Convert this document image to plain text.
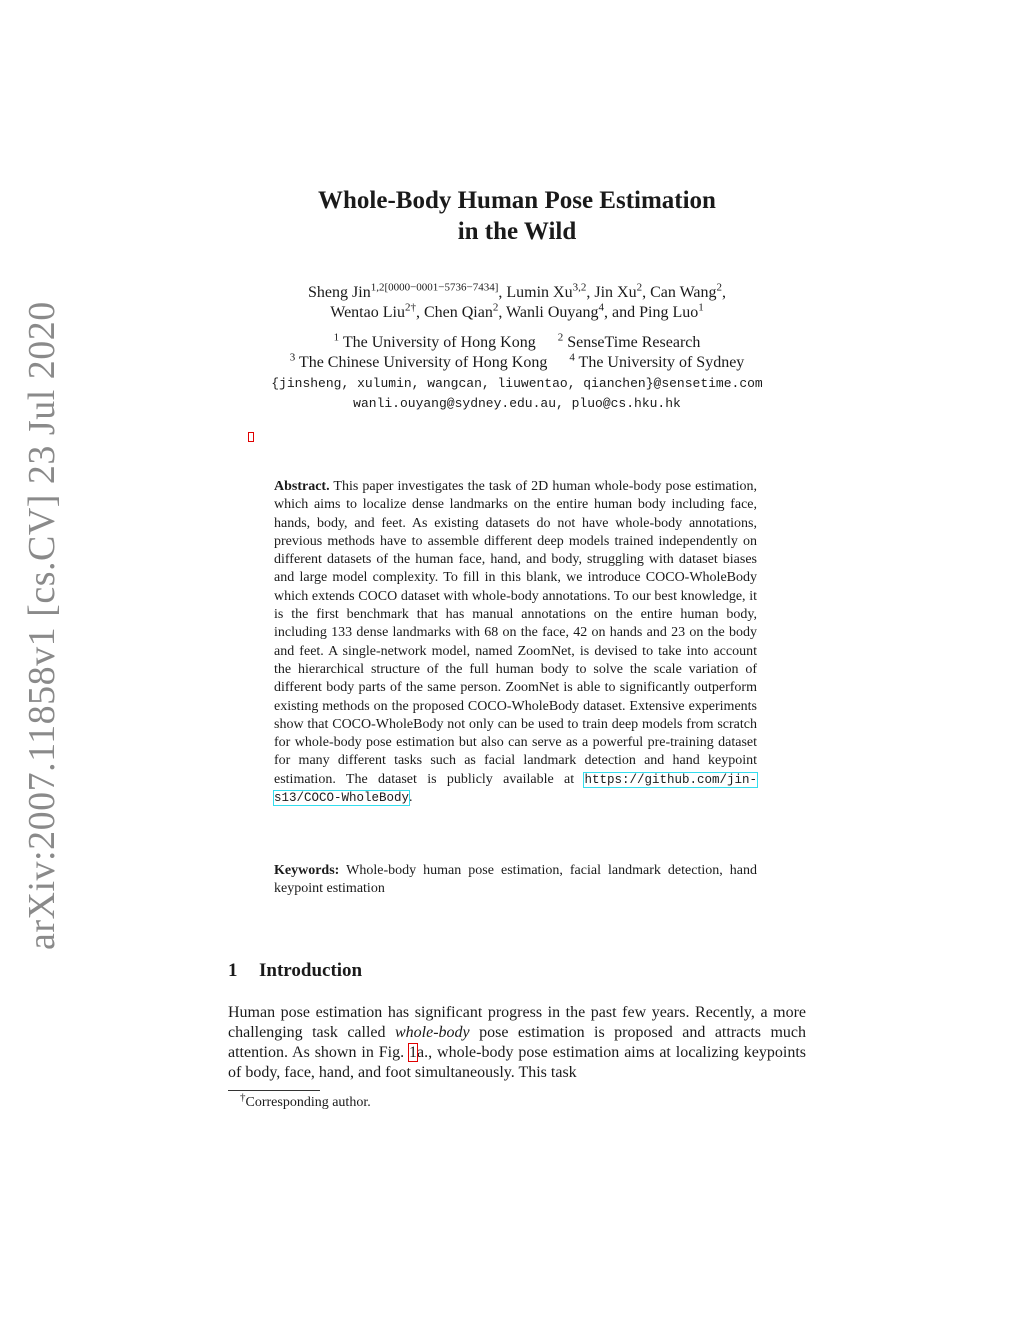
arXiv:2007.11858v1 [cs.CV] 23 Jul 2020
Whole-Body Human Pose Estimation
in the Wild
Sheng Jin$^{1,2[0000-0001-5736-7434]}$, Lumin Xu$^{3,2}$, Jin Xu$^2$, Can Wang$^2$,
Wentao Liu$^{2\dagger}$, Chen Qian$^2$, Wanli Ouyang$^4$, and Ping Luo$^1$
$^1$ The University of Hong Kong $^2$ SenseTime Research
$^3$ The Chinese University of Hong Kong $^4$ The University of Sydney
{jinsheng, xulumin, wangcan, liuwentao, qianchen}@sensetime.com
wanli.ouyang@sydney.edu.au, pluo@cs.hku.hk
Abstract. This paper investigates the task of 2D human whole-body pose estimation, which aims to localize dense landmarks on the entire human body including face, hands, body, and feet. As existing datasets do not have whole-body annotations, previous methods have to assemble different deep models trained independently on different datasets of the human face, hand, and body, struggling with dataset biases and large model complexity. To fill in this blank, we introduce COCO-WholeBody which extends COCO dataset with whole-body annotations. To our best knowledge, it is the first benchmark that has manual annotations on the entire human body, including 133 dense landmarks with 68 on the face, 42 on hands and 23 on the body and feet. A single-network model, named ZoomNet, is devised to take into account the hierarchical structure of the full human body to solve the scale variation of different body parts of the same person. ZoomNet is able to significantly outperform existing methods on the proposed COCO-WholeBody dataset. Extensive experiments show that COCO-WholeBody not only can be used to train deep models from scratch for whole-body pose estimation but also can serve as a powerful pre-training dataset for many different tasks such as facial landmark detection and hand keypoint estimation. The dataset is publicly available at https://github.com/jin-s13/COCO-WholeBody.
Keywords: Whole-body human pose estimation, facial landmark detection, hand keypoint estimation
1 Introduction
Human pose estimation has significant progress in the past few years. Recently, a more challenging task called whole-body pose estimation is proposed and attracts much attention. As shown in Fig. 1a., whole-body pose estimation aims at localizing keypoints of body, face, hand, and foot simultaneously. This task
†Corresponding author.
